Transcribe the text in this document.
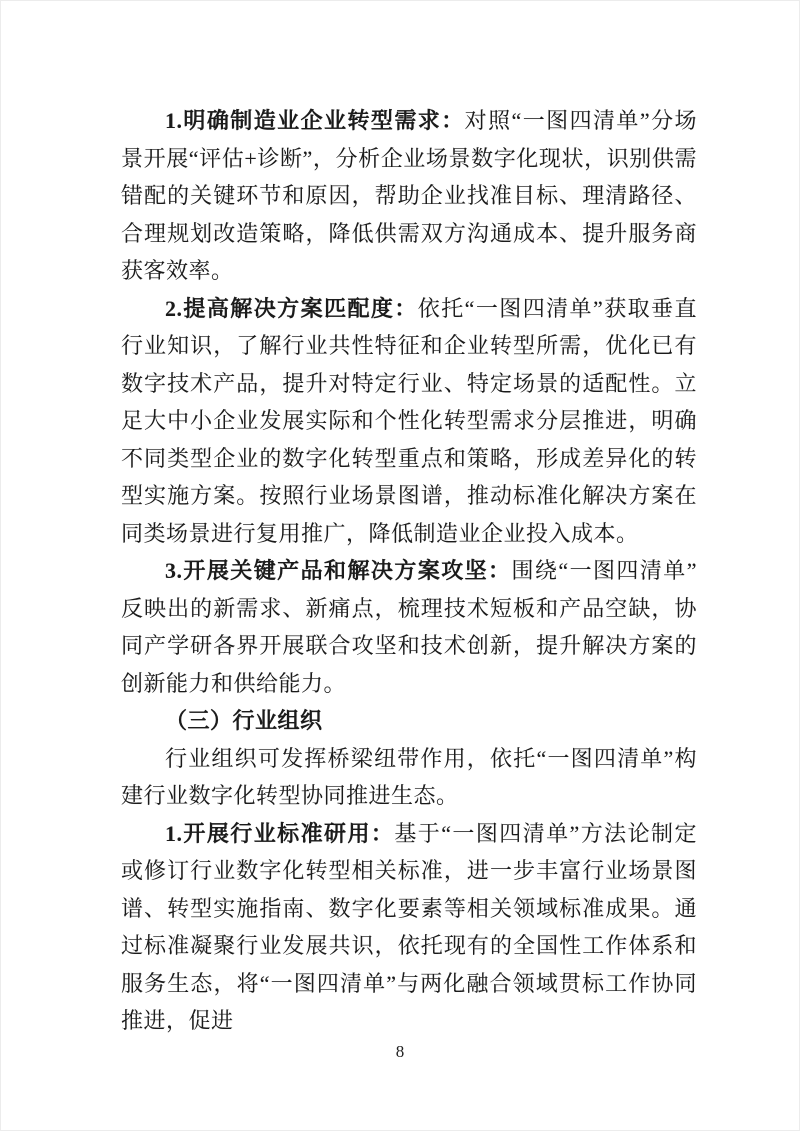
1.明确制造业企业转型需求：对照“一图四清单”分场景开展“评估+诊断”，分析企业场景数字化现状，识别供需错配的关键环节和原因，帮助企业找准目标、理清路径、合理规划改造策略，降低供需双方沟通成本、提升服务商获客效率。

2.提高解决方案匹配度：依托“一图四清单”获取垂直行业知识，了解行业共性特征和企业转型所需，优化已有数字技术产品，提升对特定行业、特定场景的适配性。立足大中小企业发展实际和个性化转型需求分层推进，明确不同类型企业的数字化转型重点和策略，形成差异化的转型实施方案。按照行业场景图谱，推动标准化解决方案在同类场景进行复用推广，降低制造业企业投入成本。

3.开展关键产品和解决方案攻坚：围绕“一图四清单”反映出的新需求、新痛点，梳理技术短板和产品空缺，协同产学研各界开展联合攻坚和技术创新，提升解决方案的创新能力和供给能力。

（三）行业组织

行业组织可发挥桥梁纽带作用，依托“一图四清单”构建行业数字化转型协同推进生态。

1.开展行业标准研用：基于“一图四清单”方法论制定或修订行业数字化转型相关标准，进一步丰富行业场景图谱、转型实施指南、数字化要素等相关领域标准成果。通过标准凝聚行业发展共识，依托现有的全国性工作体系和服务生态，将“一图四清单”与两化融合领域贯标工作协同推进，促进

8
